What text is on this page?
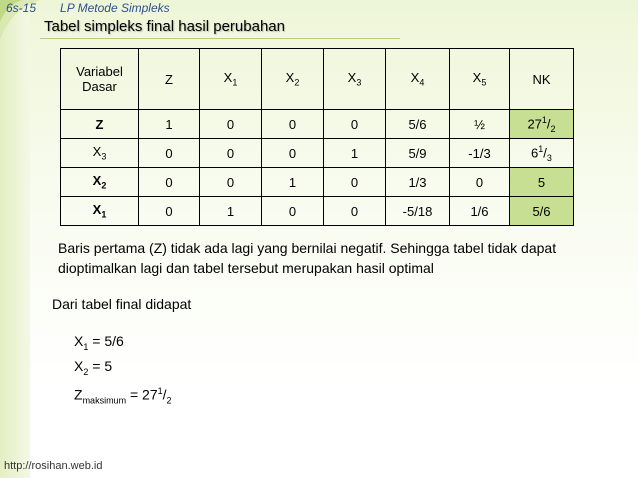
6s-15 LP Metode Simpleks
Tabel simpleks final hasil perubahan
Variabel
Dasar	Z	$X_1$	$X_2$	$X_3$	$X_4$	$X_5$	NK
Z	1	0	0	0	5/6	½	$27^1/_2$
$X_3$	0	0	0	1	5/9	-1/3	$6^1/_3$
$X_2$	0	0	1	0	1/3	0	5
$X_1$	0	1	0	0	-5/18	1/6	5/6
Baris pertama (Z) tidak ada lagi yang bernilai negatif. Sehingga tabel tidak dapat dioptimalkan lagi dan tabel tersebut merupakan hasil optimal
Dari tabel final didapat
$X_1 = 5/6$
$X_2 = 5$
$Z_{maksimum} = 27^1/_2$
http://rosihan.web.id
